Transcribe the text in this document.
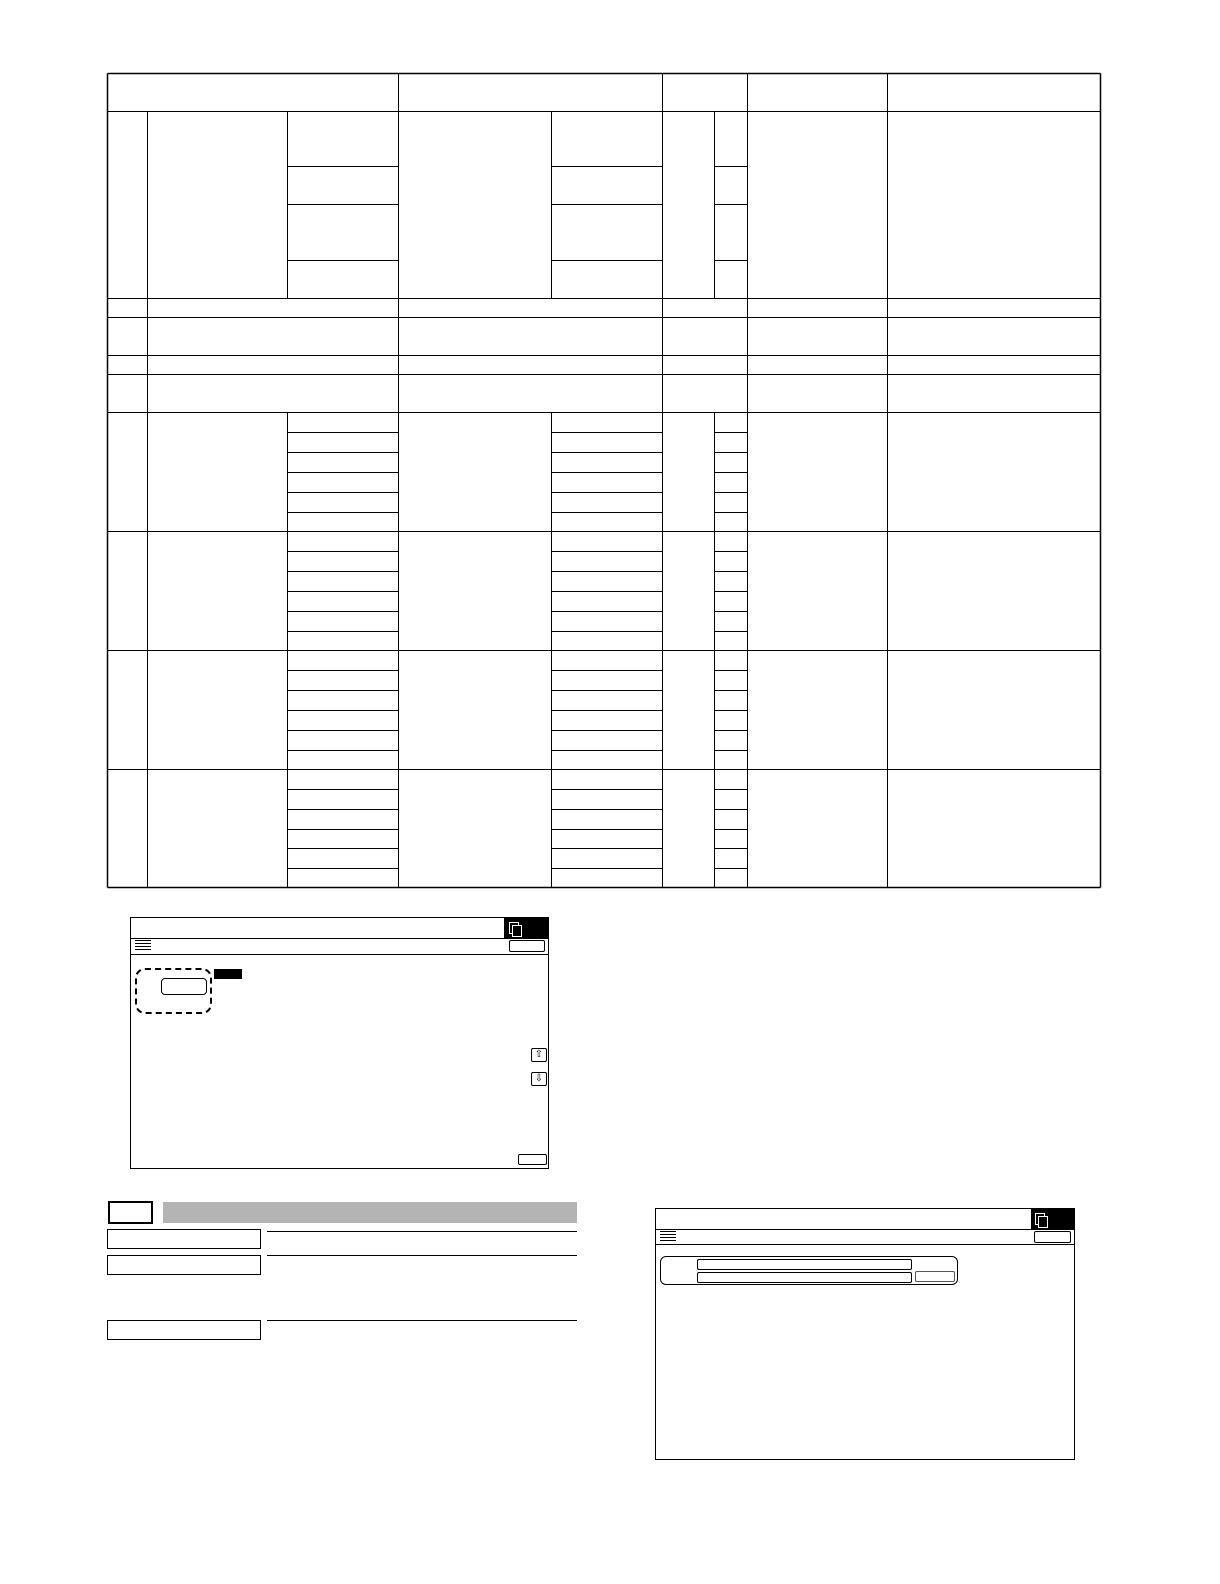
⇧
⇩
